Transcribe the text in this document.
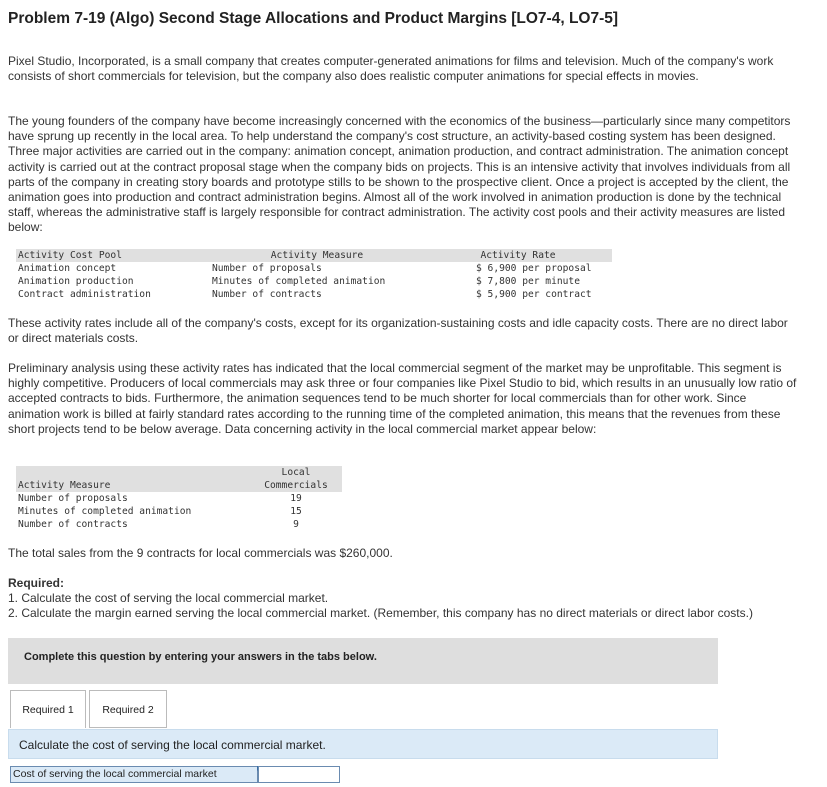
Problem 7-19 (Algo) Second Stage Allocations and Product Margins [LO7-4, LO7-5]

Pixel Studio, Incorporated, is a small company that creates computer-generated animations for films and television. Much of the company's work consists of short commercials for television, but the company also does realistic computer animations for special effects in movies.

The young founders of the company have become increasingly concerned with the economics of the business—particularly since many competitors have sprung up recently in the local area. To help understand the company's cost structure, an activity-based costing system has been designed. Three major activities are carried out in the company: animation concept, animation production, and contract administration. The animation concept activity is carried out at the contract proposal stage when the company bids on projects. This is an intensive activity that involves individuals from all parts of the company in creating story boards and prototype stills to be shown to the prospective client. Once a project is accepted by the client, the animation goes into production and contract administration begins. Almost all of the work involved in animation production is done by the technical staff, whereas the administrative staff is largely responsible for contract administration. The activity cost pools and their activity measures are listed below:

Activity Cost Pool	Activity Measure	Activity Rate
Animation concept	Number of proposals	$ 6,900 per proposal
Animation production	Minutes of completed animation	$ 7,800 per minute
Contract administration	Number of contracts	$ 5,900 per contract

These activity rates include all of the company's costs, except for its organization-sustaining costs and idle capacity costs. There are no direct labor or direct materials costs.

Preliminary analysis using these activity rates has indicated that the local commercial segment of the market may be unprofitable. This segment is highly competitive. Producers of local commercials may ask three or four companies like Pixel Studio to bid, which results in an unusually low ratio of accepted contracts to bids. Furthermore, the animation sequences tend to be much shorter for local commercials than for other work. Since animation work is billed at fairly standard rates according to the running time of the completed animation, this means that the revenues from these short projects tend to be below average. Data concerning activity in the local commercial market appear below:

Activity Measure	Local
	Commercials
Number of proposals	19
Minutes of completed animation	15
Number of contracts	9

The total sales from the 9 contracts for local commercials was $260,000.

Required:
1. Calculate the cost of serving the local commercial market.
2. Calculate the margin earned serving the local commercial market. (Remember, this company has no direct materials or direct labor costs.)
Complete this question by entering your answers in the tabs below.
Required 1	Required 2
Calculate the cost of serving the local commercial market.
Cost of serving the local commercial market
